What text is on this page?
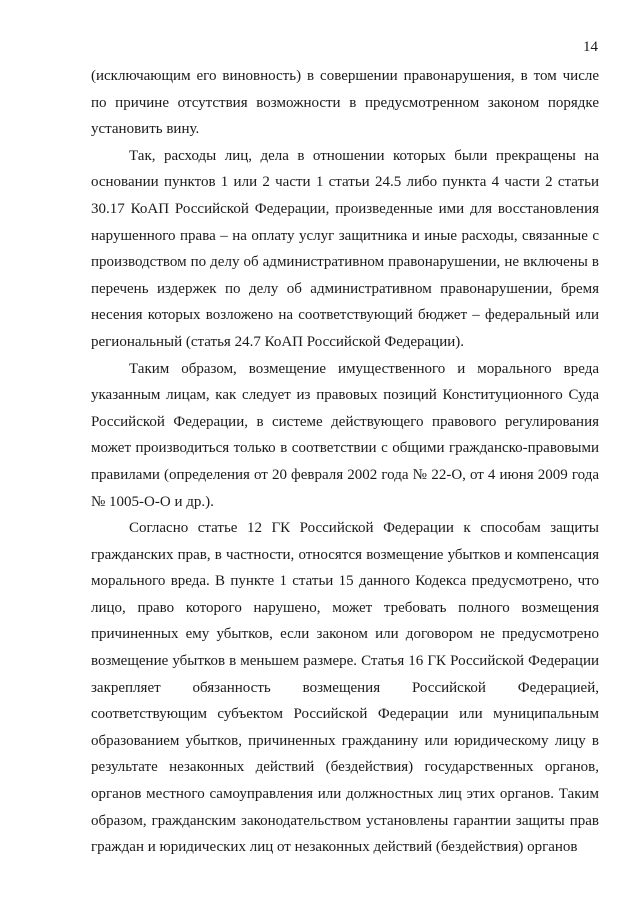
14

(исключающим его виновность) в совершении правонарушения, в том числе по причине отсутствия возможности в предусмотренном законом порядке установить вину.

Так, расходы лиц, дела в отношении которых были прекращены на основании пунктов 1 или 2 части 1 статьи 24.5 либо пункта 4 части 2 статьи 30.17 КоАП Российской Федерации, произведенные ими для восстановления нарушенного права – на оплату услуг защитника и иные расходы, связанные с производством по делу об административном правонарушении, не включены в перечень издержек по делу об административном правонарушении, бремя несения которых возложено на соответствующий бюджет – федеральный или региональный (статья 24.7 КоАП Российской Федерации).

Таким образом, возмещение имущественного и морального вреда указанным лицам, как следует из правовых позиций Конституционного Суда Российской Федерации, в системе действующего правового регулирования может производиться только в соответствии с общими гражданско-правовыми правилами (определения от 20 февраля 2002 года № 22-О, от 4 июня 2009 года № 1005-О-О и др.).

Согласно статье 12 ГК Российской Федерации к способам защиты гражданских прав, в частности, относятся возмещение убытков и компенсация морального вреда. В пункте 1 статьи 15 данного Кодекса предусмотрено, что лицо, право которого нарушено, может требовать полного возмещения причиненных ему убытков, если законом или договором не предусмотрено возмещение убытков в меньшем размере. Статья 16 ГК Российской Федерации закрепляет обязанность возмещения Российской Федерацией, соответствующим субъектом Российской Федерации или муниципальным образованием убытков, причиненных гражданину или юридическому лицу в результате незаконных действий (бездействия) государственных органов, органов местного самоуправления или должностных лиц этих органов. Таким образом, гражданским законодательством установлены гарантии защиты прав граждан и юридических лиц от незаконных действий (бездействия) органов
